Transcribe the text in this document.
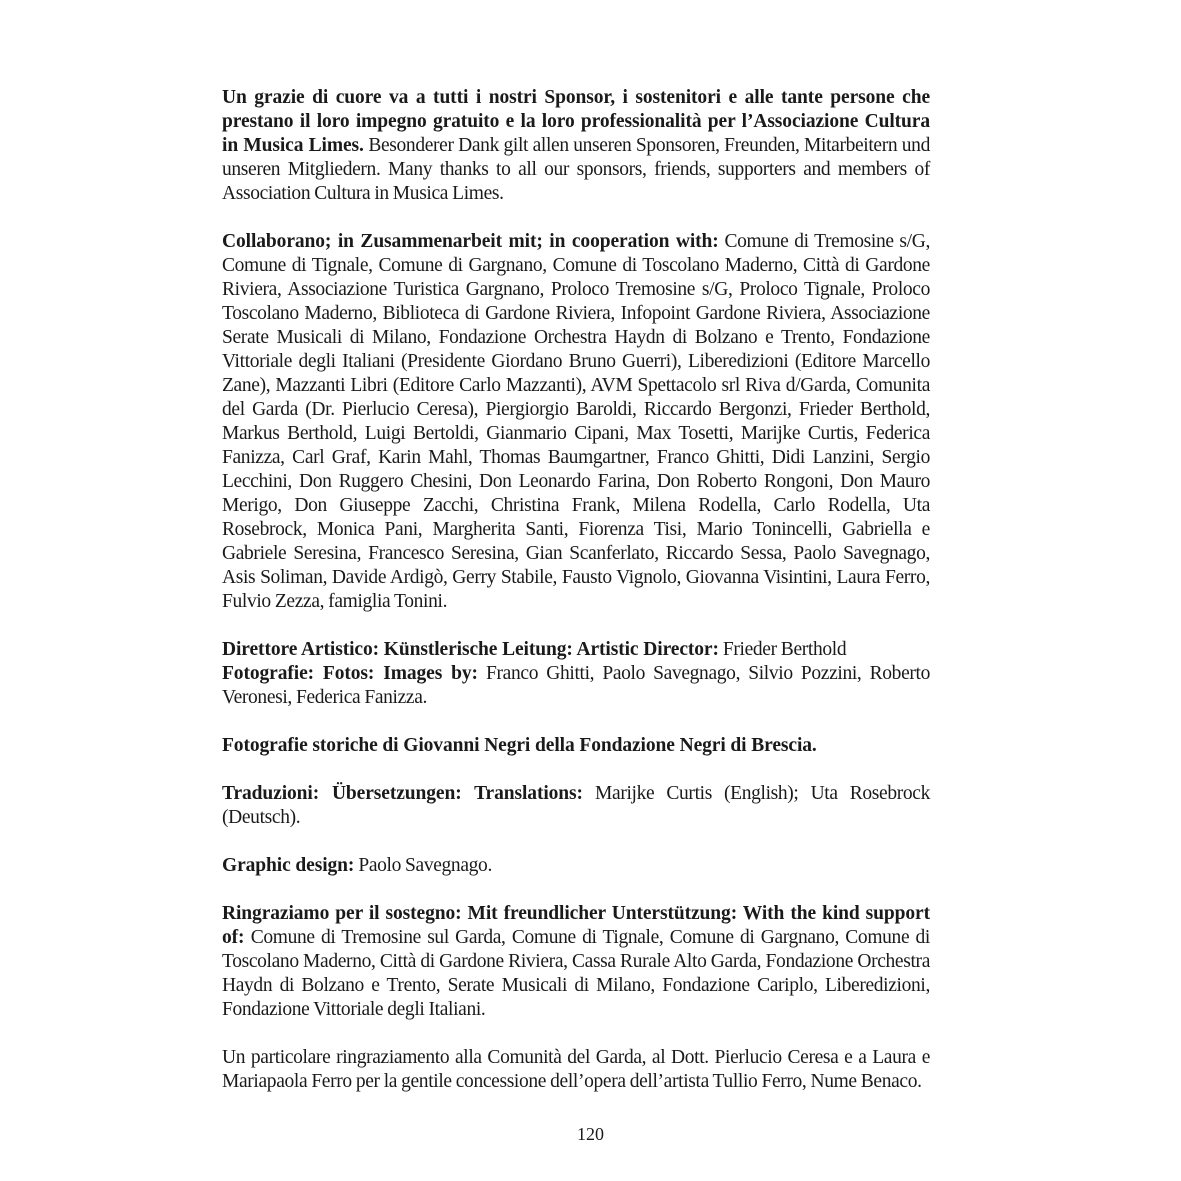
Un grazie di cuore va a tutti i nostri Sponsor, i sostenitori e alle tante persone che prestano il loro impegno gratuito e la loro professionalità per l’Associazione Cultura in Musica Limes. Besonderer Dank gilt allen unseren Sponsoren, Freunden, Mitarbeitern und unseren Mitgliedern. Many thanks to all our sponsors, friends, supporters and members of Association Cultura in Musica Limes.

Collaborano; in Zusammenarbeit mit; in cooperation with: Comune di Tremosine s/G, Comune di Tignale, Comune di Gargnano, Comune di Toscolano Maderno, Città di Gardone Riviera, Associazione Turistica Gargnano, Proloco Tremosine s/G, Proloco Tignale, Proloco Toscolano Maderno, Biblioteca di Gardone Riviera, Infopoint Gardone Riviera, Associazione Serate Musicali di Milano, Fondazione Orchestra Haydn di Bolzano e Trento, Fondazione Vittoriale degli Italiani (Presidente Giordano Bruno Guerri), Liberedizioni (Editore Marcello Zane), Mazzanti Libri (Editore Carlo Mazzanti), AVM Spettacolo srl Riva d/Garda, Comunita del Garda (Dr. Pierlucio Ceresa), Piergiorgio Baroldi, Riccardo Bergonzi, Frieder Berthold, Markus Berthold, Luigi Bertoldi, Gianmario Cipani, Max Tosetti, Marijke Curtis, Federica Fanizza, Carl Graf, Karin Mahl, Thomas Baumgartner, Franco Ghitti, Didi Lanzini, Sergio Lecchini, Don Ruggero Chesini, Don Leonardo Farina, Don Roberto Rongoni, Don Mauro Merigo, Don Giuseppe Zacchi, Christina Frank, Milena Rodella, Carlo Rodella, Uta Rosebrock, Monica Pani, Margherita Santi, Fiorenza Tisi, Mario Tonincelli, Gabriella e Gabriele Seresina, Francesco Seresina, Gian Scanferlato, Riccardo Sessa, Paolo Savegnago, Asis Soliman, Davide Ardigò, Gerry Stabile, Fausto Vignolo, Giovanna Visintini, Laura Ferro, Fulvio Zezza, famiglia Tonini.

Direttore Artistico: Künstlerische Leitung: Artistic Director: Frieder Berthold

Fotografie: Fotos: Images by: Franco Ghitti, Paolo Savegnago, Silvio Pozzini, Roberto Veronesi, Federica Fanizza.

Fotografie storiche di Giovanni Negri della Fondazione Negri di Brescia.

Traduzioni: Übersetzungen: Translations: Marijke Curtis (English); Uta Rosebrock (Deutsch).

Graphic design: Paolo Savegnago.

Ringraziamo per il sostegno: Mit freundlicher Unterstützung: With the kind support of: Comune di Tremosine sul Garda, Comune di Tignale, Comune di Gargnano, Comune di Toscolano Maderno, Città di Gardone Riviera, Cassa Rurale Alto Garda, Fondazione Orchestra Haydn di Bolzano e Trento, Serate Musicali di Milano, Fondazione Cariplo, Liberedizioni, Fondazione Vittoriale degli Italiani.

Un particolare ringraziamento alla Comunità del Garda, al Dott. Pierlucio Ceresa e a Laura e Mariapaola Ferro per la gentile concessione dell’opera dell’artista Tullio Ferro, Nume Benaco.

120
